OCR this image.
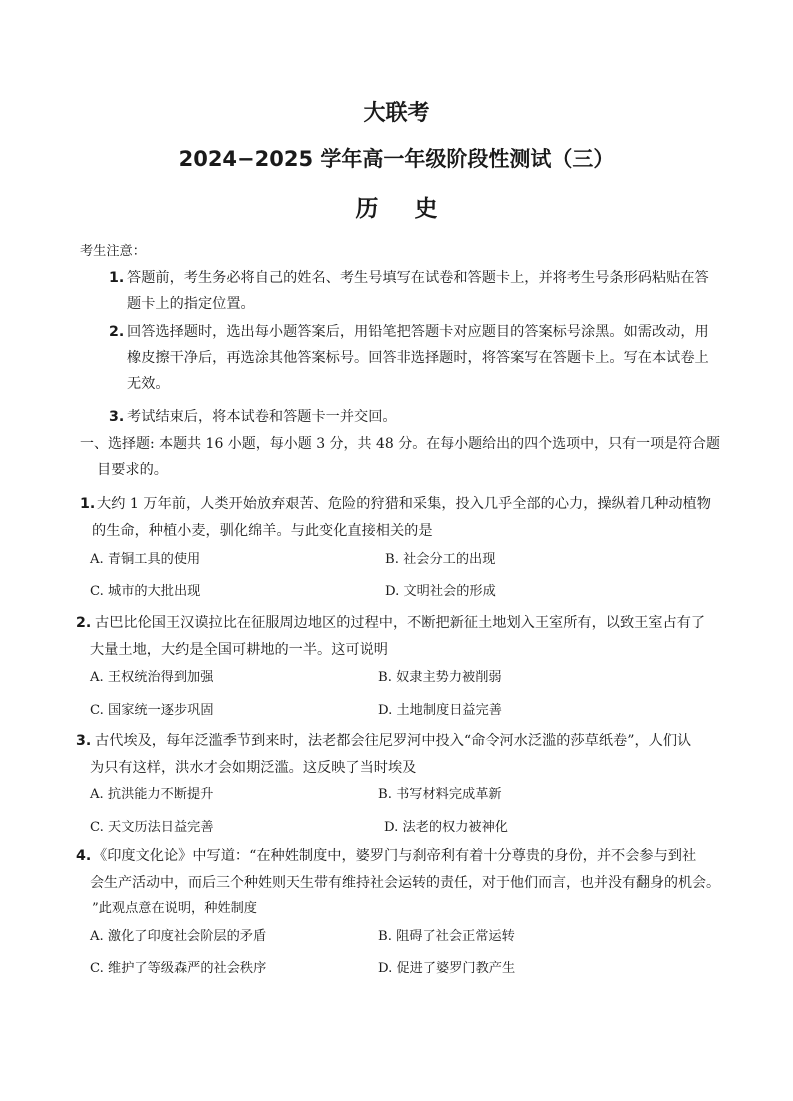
大联考
2024−2025 学年高一年级阶段性测试（三）
历 史
考生注意：
1. 答题前，考生务必将自己的姓名、考生号填写在试卷和答题卡上，并将考生号条形码粘贴在答
题卡上的指定位置。
2. 回答选择题时，选出每小题答案后，用铅笔把答题卡对应题目的答案标号涂黑。如需改动，用
橡皮擦干净后，再选涂其他答案标号。回答非选择题时，将答案写在答题卡上。写在本试卷上
无效。
3. 考试结束后，将本试卷和答题卡一并交回。
一、选择题: 本题共 16 小题，每小题 3 分，共 48 分。在每小题给出的四个选项中，只有一项是符合题
目要求的。
1. 大约 1 万年前，人类开始放弃艰苦、危险的狩猎和采集，投入几乎全部的心力，操纵着几种动植物
的生命，种植小麦，驯化绵羊。与此变化直接相关的是
A. 青铜工具的使用	B. 社会分工的出现
C. 城市的大批出现	D. 文明社会的形成
2. 古巴比伦国王汉谟拉比在征服周边地区的过程中，不断把新征土地划入王室所有，以致王室占有了
大量土地，大约是全国可耕地的一半。这可说明
A. 王权统治得到加强	B. 奴隶主势力被削弱
C. 国家统一逐步巩固	D. 土地制度日益完善
3. 古代埃及，每年泛滥季节到来时，法老都会往尼罗河中投入“命令河水泛滥的莎草纸卷”，人们认
为只有这样，洪水才会如期泛滥。这反映了当时埃及
A. 抗洪能力不断提升	B. 书写材料完成革新
C. 天文历法日益完善	D. 法老的权力被神化
4. 《印度文化论》中写道：“在种姓制度中，婆罗门与刹帝利有着十分尊贵的身份，并不会参与到社
会生产活动中，而后三个种姓则天生带有维持社会运转的责任，对于他们而言，也并没有翻身的机会。
”此观点意在说明，种姓制度
A. 激化了印度社会阶层的矛盾	B. 阻碍了社会正常运转
C. 维护了等级森严的社会秩序	D. 促进了婆罗门教产生
